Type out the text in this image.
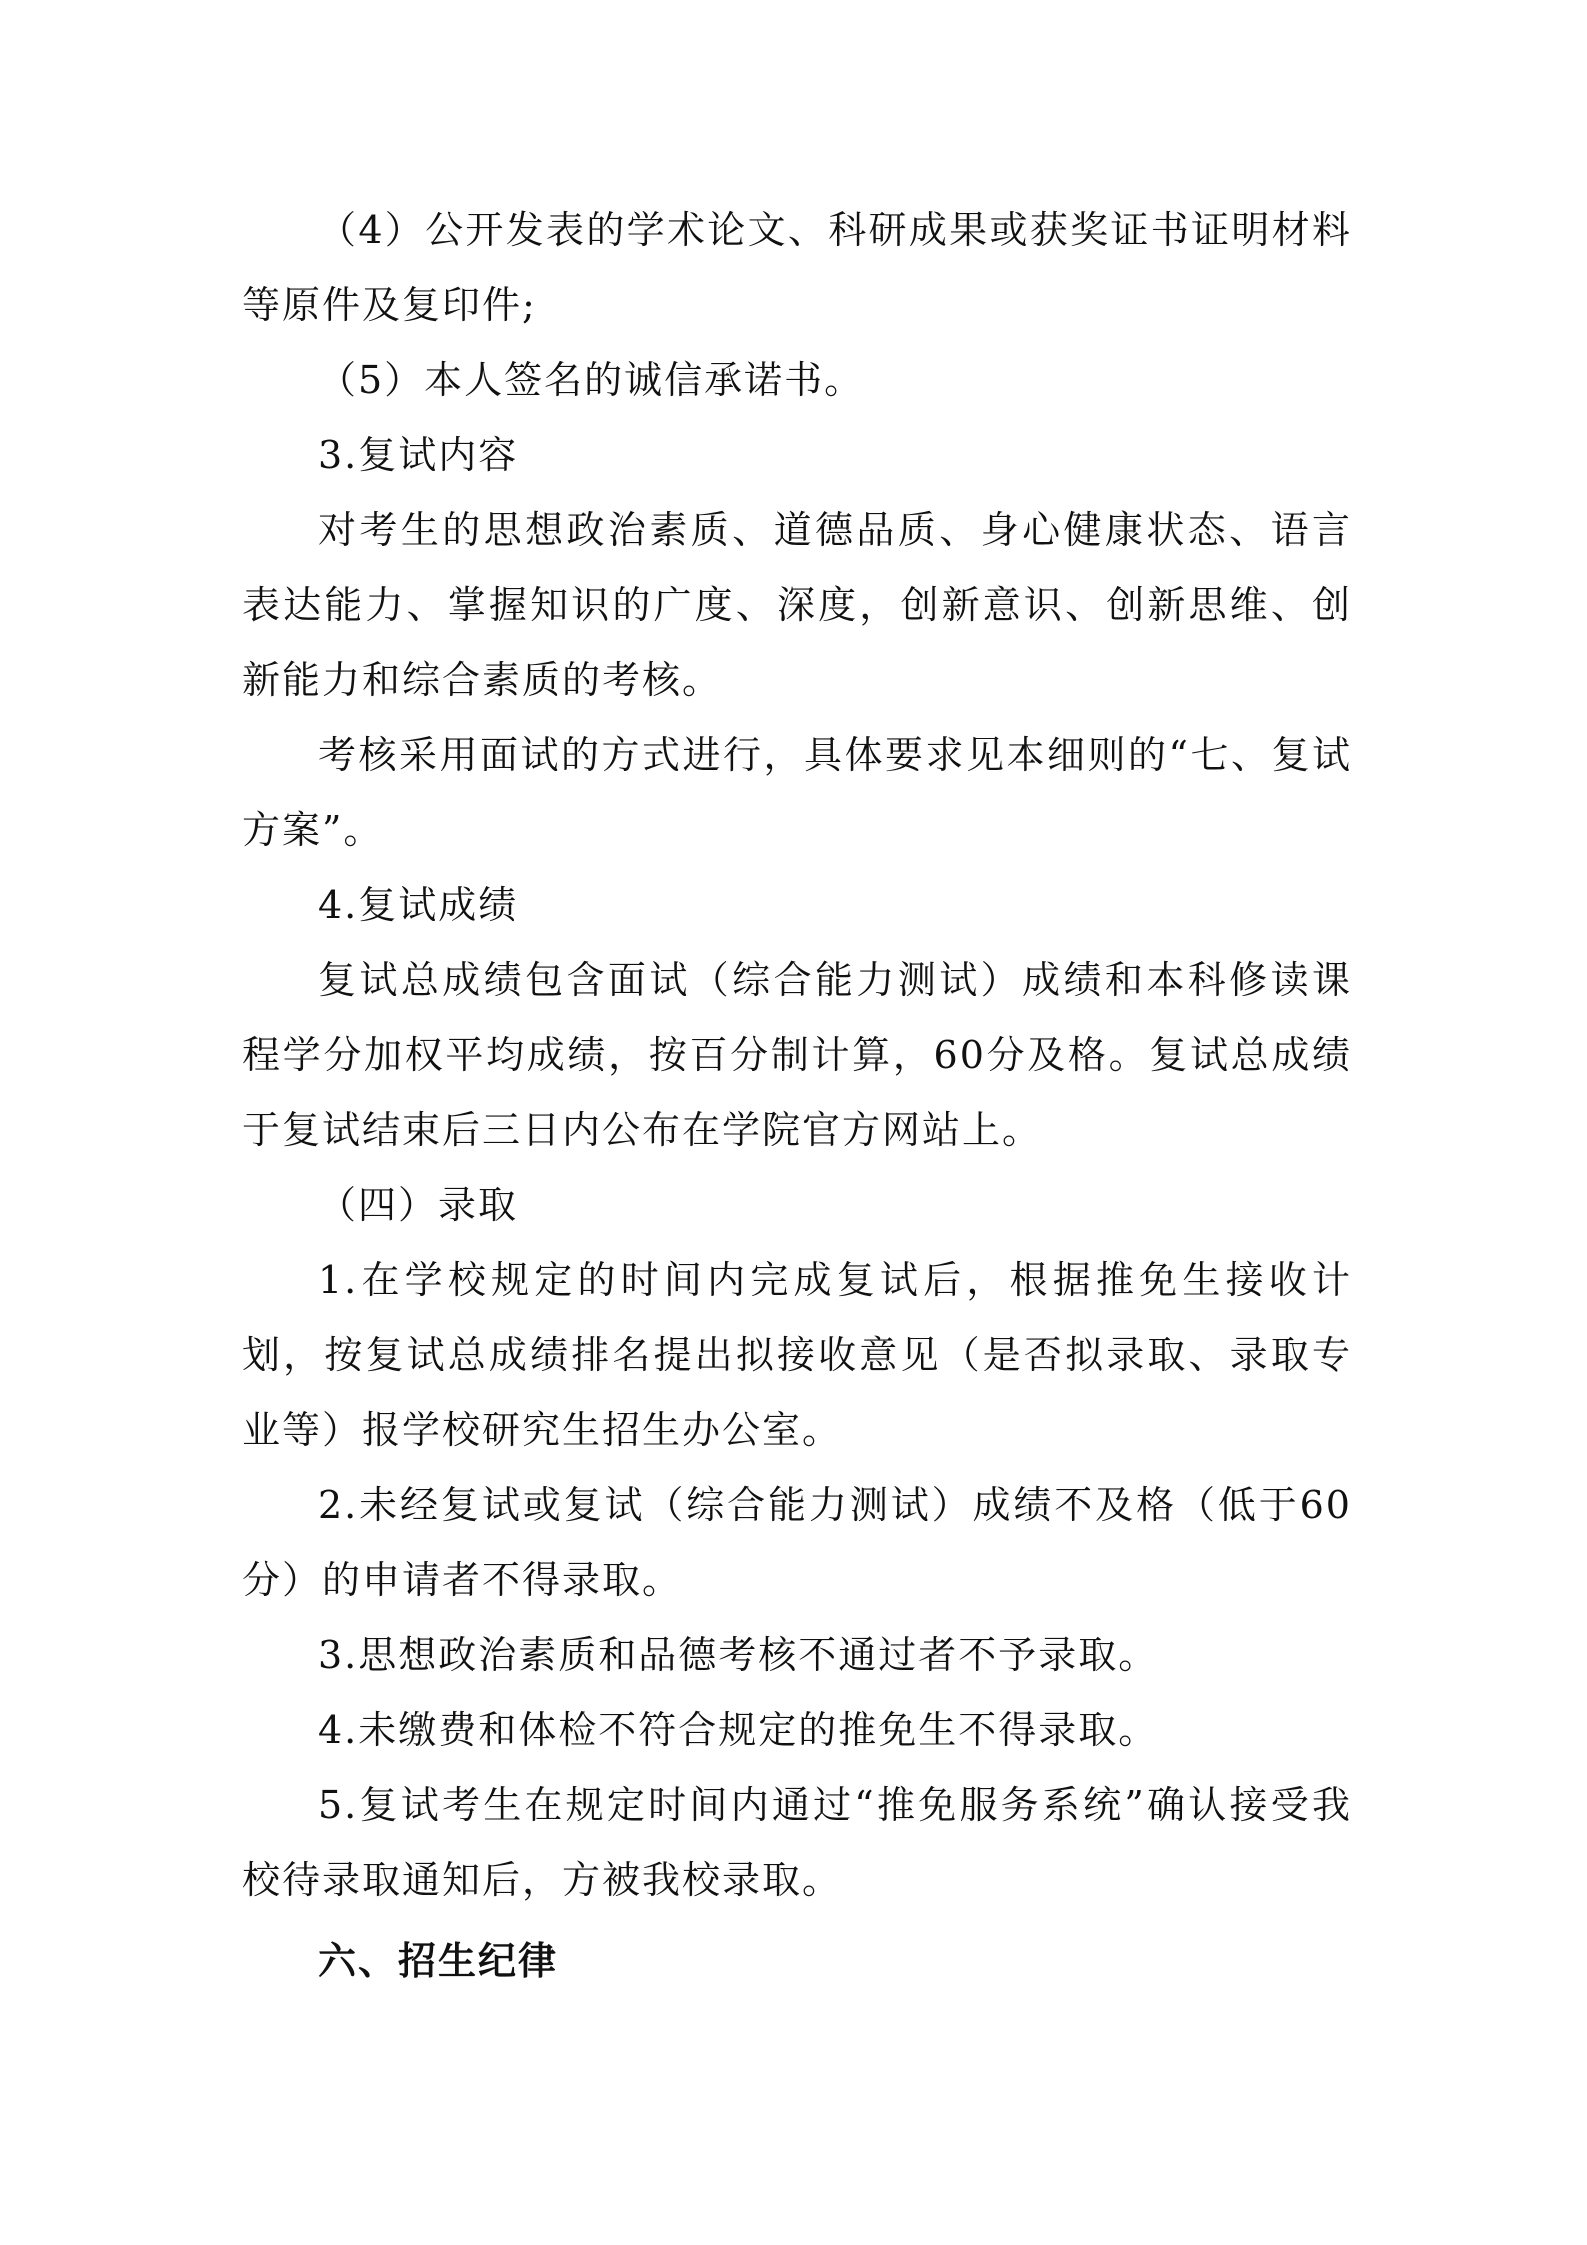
（4）公开发表的学术论文、科研成果或获奖证书证明材料等原件及复印件;

（5）本人签名的诚信承诺书。

3.复试内容

对考生的思想政治素质、道德品质、身心健康状态、语言表达能力、掌握知识的广度、深度，创新意识、创新思维、创新能力和综合素质的考核。

考核采用面试的方式进行，具体要求见本细则的“七、复试方案”。

4.复试成绩

复试总成绩包含面试（综合能力测试）成绩和本科修读课程学分加权平均成绩，按百分制计算，60分及格。复试总成绩于复试结束后三日内公布在学院官方网站上。

（四）录取

1.在学校规定的时间内完成复试后，根据推免生接收计划，按复试总成绩排名提出拟接收意见（是否拟录取、录取专业等）报学校研究生招生办公室。

2.未经复试或复试（综合能力测试）成绩不及格（低于60分）的申请者不得录取。

3.思想政治素质和品德考核不通过者不予录取。

4.未缴费和体检不符合规定的推免生不得录取。

5.复试考生在规定时间内通过“推免服务系统”确认接受我校待录取通知后，方被我校录取。

六、招生纪律
